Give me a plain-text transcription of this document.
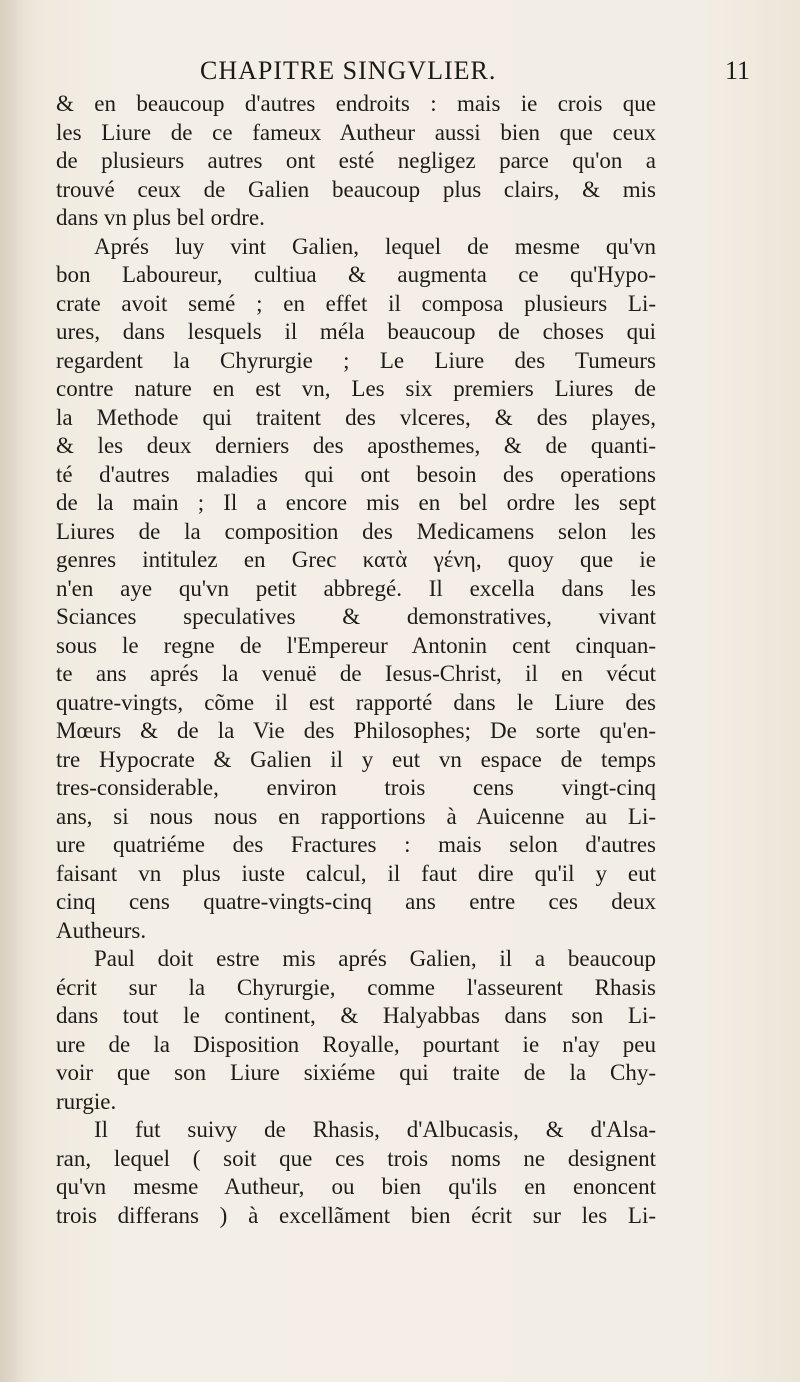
CHAPITRE SINGVLIER.	11
& en beaucoup d'autres endroits : mais ie crois que
les Liure de ce fameux Autheur aussi bien que ceux
de plusieurs autres ont esté negligez parce qu'on a
trouvé ceux de Galien beaucoup plus clairs, & mis
dans vn plus bel ordre.
Aprés luy vint Galien, lequel de mesme qu'vn
bon Laboureur, cultiua & augmenta ce qu'Hypo-
crate avoit semé ; en effet il composa plusieurs Li-
ures, dans lesquels il méla beaucoup de choses qui
regardent la Chyrurgie ; Le Liure des Tumeurs
contre nature en est vn, Les six premiers Liures de
la Methode qui traitent des vlceres, & des playes,
& les deux derniers des aposthemes, & de quanti-
té d'autres maladies qui ont besoin des operations
de la main ; Il a encore mis en bel ordre les sept
Liures de la composition des Medicamens selon les
genres intitulez en Grec κατὰ γένη, quoy que ie
n'en aye qu'vn petit abbregé. Il excella dans les
Sciances speculatives & demonstratives, vivant
sous le regne de l'Empereur Antonin cent cinquan-
te ans aprés la venuë de Iesus-Christ, il en vécut
quatre-vingts, cõme il est rapporté dans le Liure des
Mœurs & de la Vie des Philosophes; De sorte qu'en-
tre Hypocrate & Galien il y eut vn espace de temps
tres-considerable, environ trois cens vingt-cinq
ans, si nous nous en rapportions à Auicenne au Li-
ure quatriéme des Fractures : mais selon d'autres
faisant vn plus iuste calcul, il faut dire qu'il y eut
cinq cens quatre-vingts-cinq ans entre ces deux
Autheurs.
Paul doit estre mis aprés Galien, il a beaucoup
écrit sur la Chyrurgie, comme l'asseurent Rhasis
dans tout le continent, & Halyabbas dans son Li-
ure de la Disposition Royalle, pourtant ie n'ay peu
voir que son Liure sixiéme qui traite de la Chy-
rurgie.
Il fut suivy de Rhasis, d'Albucasis, & d'Alsa-
ran, lequel ( soit que ces trois noms ne designent
qu'vn mesme Autheur, ou bien qu'ils en enoncent
trois differans ) à excellãment bien écrit sur les Li-
